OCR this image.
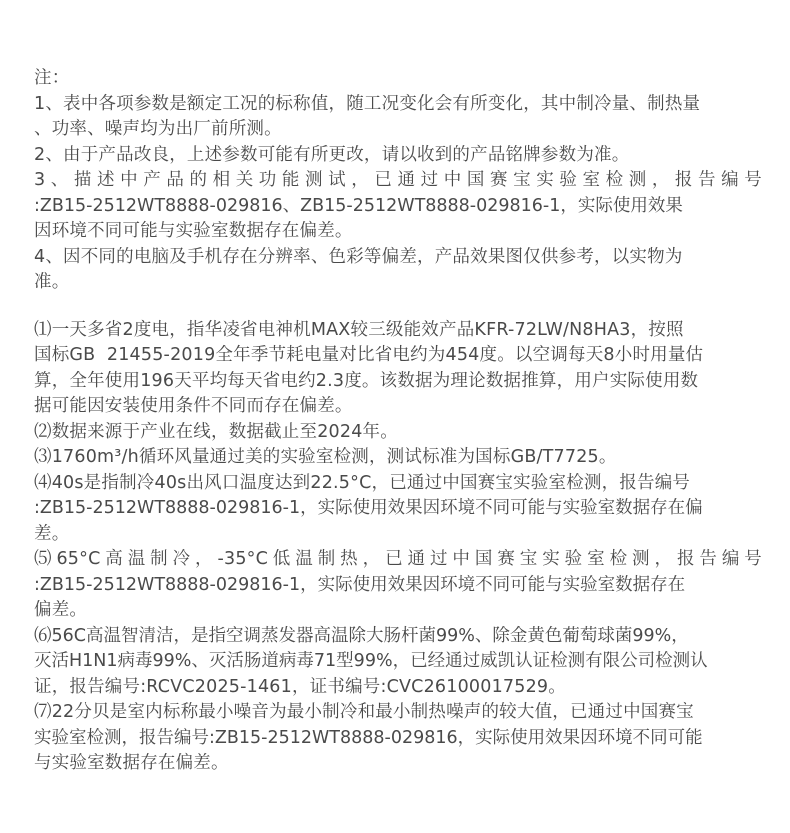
注：
1、表中各项参数是额定工况的标称值，随工况变化会有所变化，其中制冷量、制热量
、功率、噪声均为出厂前所测。
2、由于产品改良，上述参数可能有所更改，请以收到的产品铭牌参数为准。
3、描述中产品的相关功能测试，已通过中国赛宝实验室检测，报告编号
:ZB15-2512WT8888-029816、ZB15-2512WT8888-029816-1，实际使用效果
因环境不同可能与实验室数据存在偏差。
4、因不同的电脑及手机存在分辨率、色彩等偏差，产品效果图仅供参考，以实物为
准。
⑴一天多省2度电，指华凌省电神机MAX较三级能效产品KFR-72LW/N8HA3，按照
国标GB  21455-2019全年季节耗电量对比省电约为454度。以空调每天8小时用量估
算，全年使用196天平均每天省电约2.3度。该数据为理论数据推算，用户实际使用数
据可能因安装使用条件不同而存在偏差。
⑵数据来源于产业在线，数据截止至2024年。
⑶1760m³/h循环风量通过美的实验室检测，测试标准为国标GB/T7725。
⑷40s是指制冷40s出风口温度达到22.5°C，已通过中国赛宝实验室检测，报告编号
:ZB15-2512WT8888-029816-1，实际使用效果因环境不同可能与实验室数据存在偏
差。
⑸65°C高温制冷，-35°C低温制热，已通过中国赛宝实验室检测，报告编号
:ZB15-2512WT8888-029816-1，实际使用效果因环境不同可能与实验室数据存在
偏差。
⑹56C高温智清洁，是指空调蒸发器高温除大肠杆菌99%、除金黄色葡萄球菌99%，
灭活H1N1病毒99%、灭活肠道病毒71型99%，已经通过威凯认证检测有限公司检测认
证，报告编号:RCVC2025-1461，证书编号:CVC26100017529。
⑺22分贝是室内标称最小噪音为最小制冷和最小制热噪声的较大值，已通过中国赛宝
实验室检测，报告编号:ZB15-2512WT8888-029816，实际使用效果因环境不同可能
与实验室数据存在偏差。
